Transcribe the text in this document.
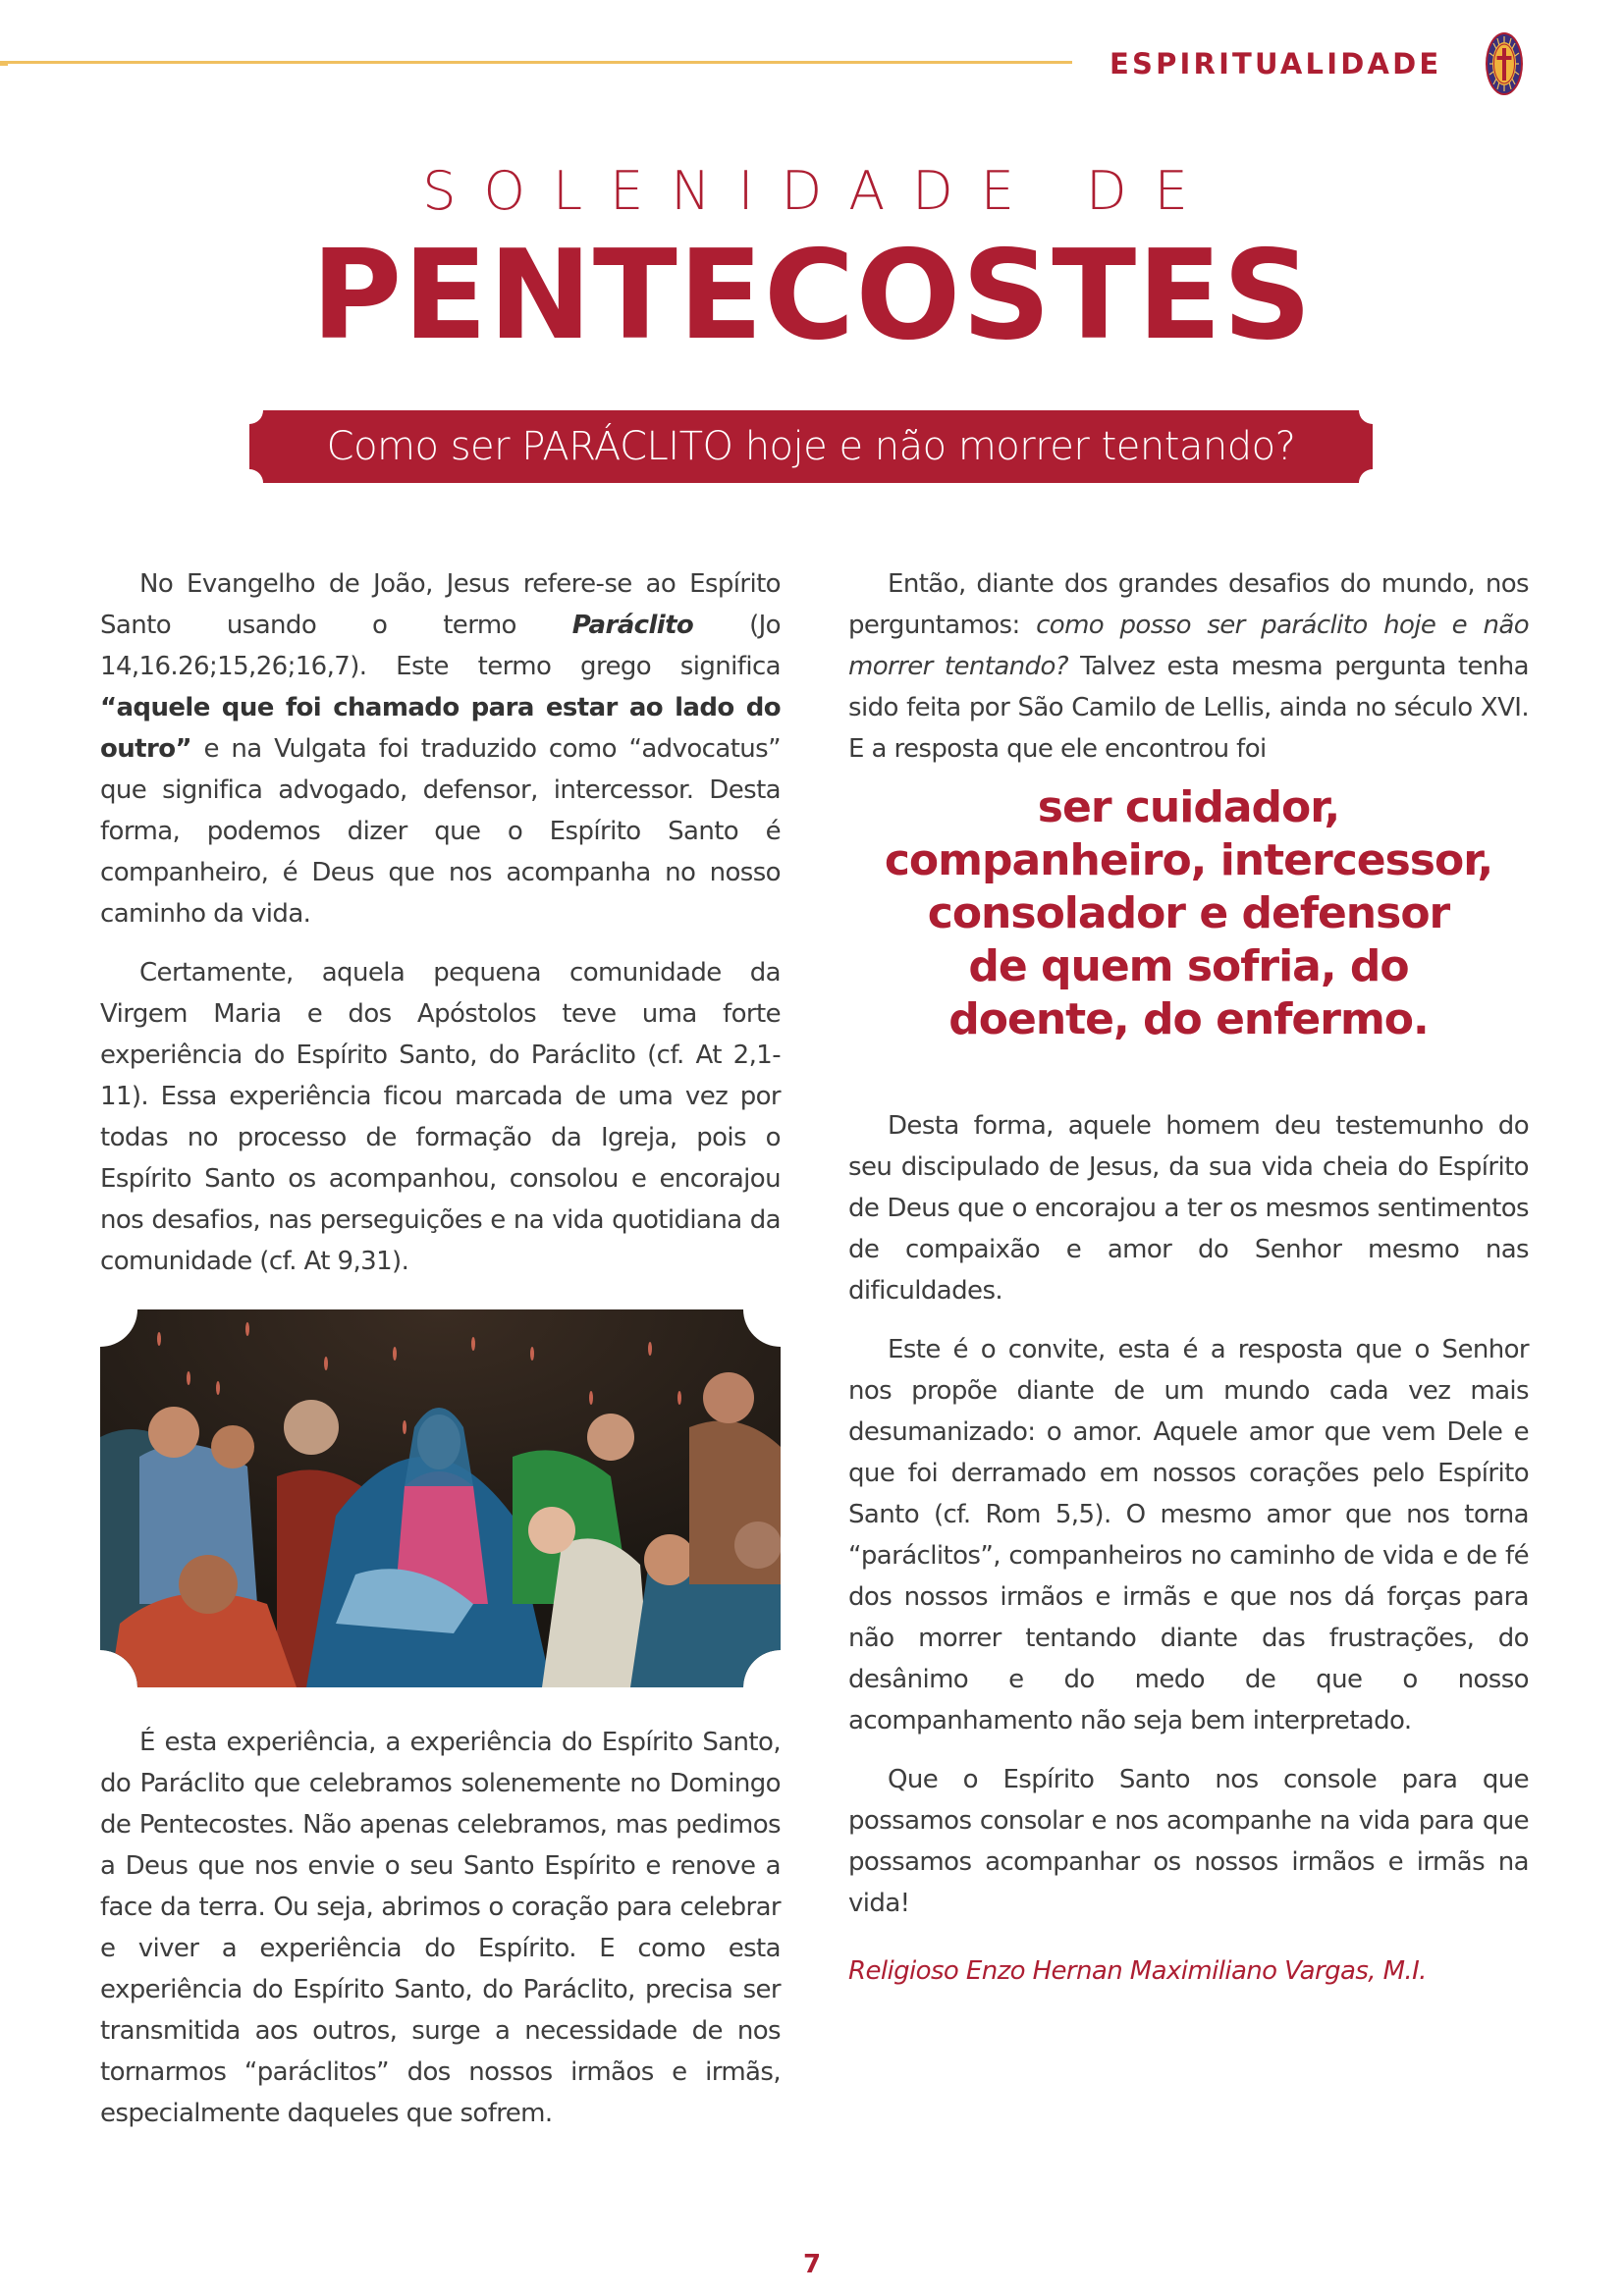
ESPIRITUALIDADE
SOLENIDADE DE
PENTECOSTES
Como ser PARÁCLITO hoje e não morrer tentando?

No Evangelho de João, Jesus refere-se ao Espírito Santo usando o termo Paráclito (Jo 14,16.26;15,26;16,7). Este termo grego significa “aquele que foi chamado para estar ao lado do outro” e na Vulgata foi traduzido como “advocatus” que significa advogado, defensor, intercessor. Desta forma, podemos dizer que o Espírito Santo é companheiro, é Deus que nos acompanha no nosso caminho da vida.

Certamente, aquela pequena comunidade da Virgem Maria e dos Apóstolos teve uma forte experiência do Espírito Santo, do Paráclito (cf. At 2,1-11). Essa experiência ficou marcada de uma vez por todas no processo de formação da Igreja, pois o Espírito Santo os acompanhou, consolou e encorajou nos desafios, nas perseguições e na vida quotidiana da comunidade (cf. At 9,31).

É esta experiência, a experiência do Espírito Santo, do Paráclito que celebramos solenemente no Domingo de Pentecostes. Não apenas celebramos, mas pedimos a Deus que nos envie o seu Santo Espírito e renove a face da terra. Ou seja, abrimos o coração para celebrar e viver a experiência do Espírito. E como esta experiência do Espírito Santo, do Paráclito, precisa ser transmitida aos outros, surge a necessidade de nos tornarmos “paráclitos” dos nossos irmãos e irmãs, especialmente daqueles que sofrem.

Então, diante dos grandes desafios do mundo, nos perguntamos: como posso ser paráclito hoje e não morrer tentando? Talvez esta mesma pergunta tenha sido feita por São Camilo de Lellis, ainda no século XVI. E a resposta que ele encontrou foi

ser cuidador,
companheiro, intercessor,
consolador e defensor
de quem sofria, do
doente, do enfermo.

Desta forma, aquele homem deu testemunho do seu discipulado de Jesus, da sua vida cheia do Espírito de Deus que o encorajou a ter os mesmos sentimentos de compaixão e amor do Senhor mesmo nas dificuldades.

Este é o convite, esta é a resposta que o Senhor nos propõe diante de um mundo cada vez mais desumanizado: o amor. Aquele amor que vem Dele e que foi derramado em nossos corações pelo Espírito Santo (cf. Rom 5,5). O mesmo amor que nos torna “paráclitos”, companheiros no caminho de vida e de fé dos nossos irmãos e irmãs e que nos dá forças para não morrer tentando diante das frustrações, do desânimo e do medo de que o nosso acompanhamento não seja bem interpretado.

Que o Espírito Santo nos console para que possamos consolar e nos acompanhe na vida para que possamos acompanhar os nossos irmãos e irmãs na vida!

Religioso Enzo Hernan Maximiliano Vargas, M.I.
7
